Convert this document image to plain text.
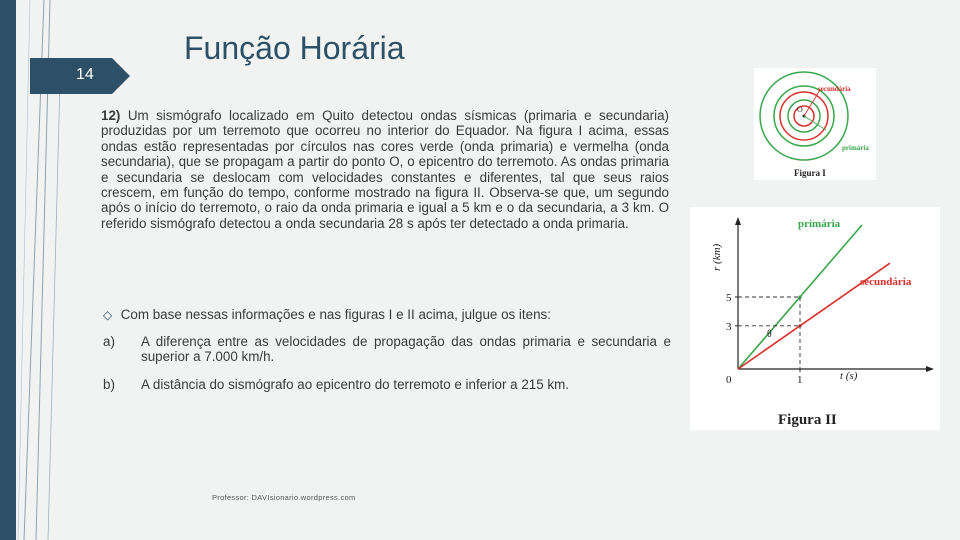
14
Função Horária

12) Um sismógrafo localizado em Quito detectou ondas sísmicas (primaria e secundaria) produzidas por um terremoto que ocorreu no interior do Equador. Na figura I acima, essas ondas estão representadas por círculos nas cores verde (onda primaria) e vermelha (onda secundaria), que se propagam a partir do ponto O, o epicentro do terremoto. As ondas primaria e secundaria se deslocam com velocidades constantes e diferentes, tal que seus raios crescem, em função do tempo, conforme mostrado na figura II. Observa-se que, um segundo após o início do terremoto, o raio da onda primaria e igual a 5 km e o da secundaria, a 3 km. O referido sismógrafo detectou a onda secundaria 28 s após ter detectado a onda primaria.

◇ Com base nessas informações e nas figuras I e II acima, julgue os itens:

a) A diferença entre as velocidades de propagação das ondas primaria e secundaria e superior a 7.000 km/h.
b) A distância do sismógrafo ao epicentro do terremoto e inferior a 215 km.
Professor: DAVIsionario.wordpress.com
O
secundária
primária
Figura I
3
5
0	1
r (km)
t (s)
primária
secundária
θ
Figura II
